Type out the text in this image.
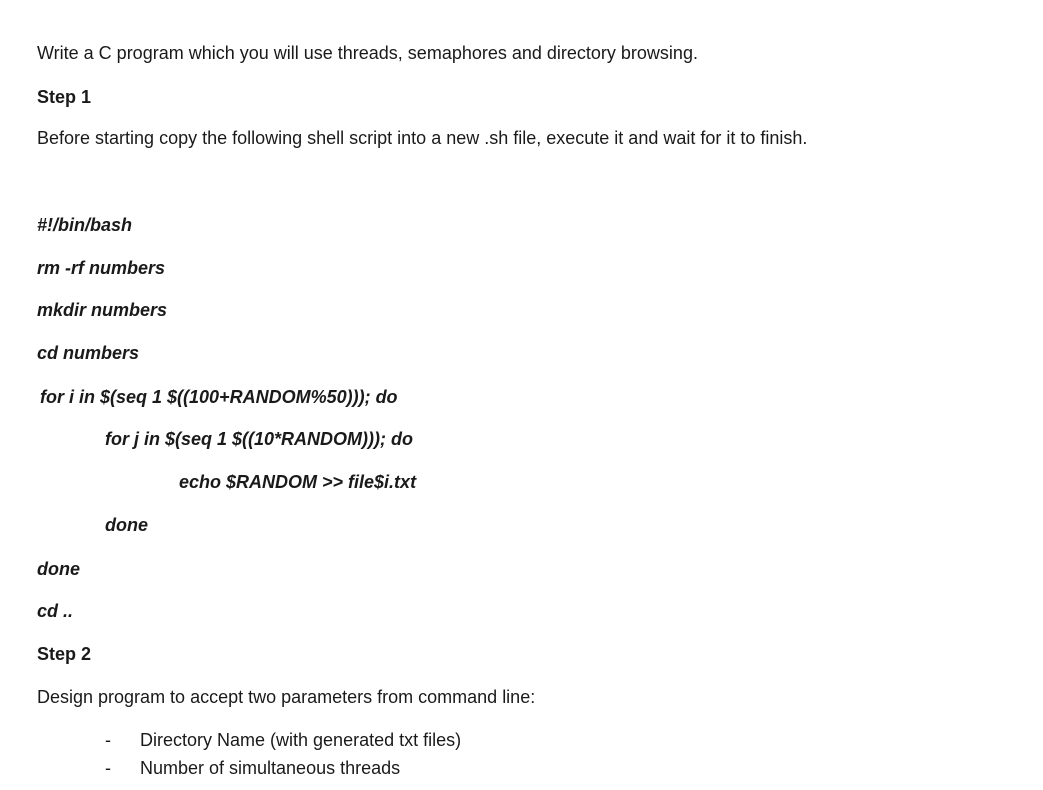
Write a C program which you will use threads, semaphores and directory browsing.
Step 1
Before starting copy the following shell script into a new .sh file, execute it and wait for it to finish.
#!/bin/bash
rm -rf numbers
mkdir numbers
cd numbers
for i in $(seq 1 $((100+RANDOM%50))); do
for j in $(seq 1 $((10*RANDOM))); do
echo $RANDOM >> file$i.txt
done
done
cd ..
Step 2
Design program to accept two parameters from command line:
- Directory Name (with generated txt files)
- Number of simultaneous threads
